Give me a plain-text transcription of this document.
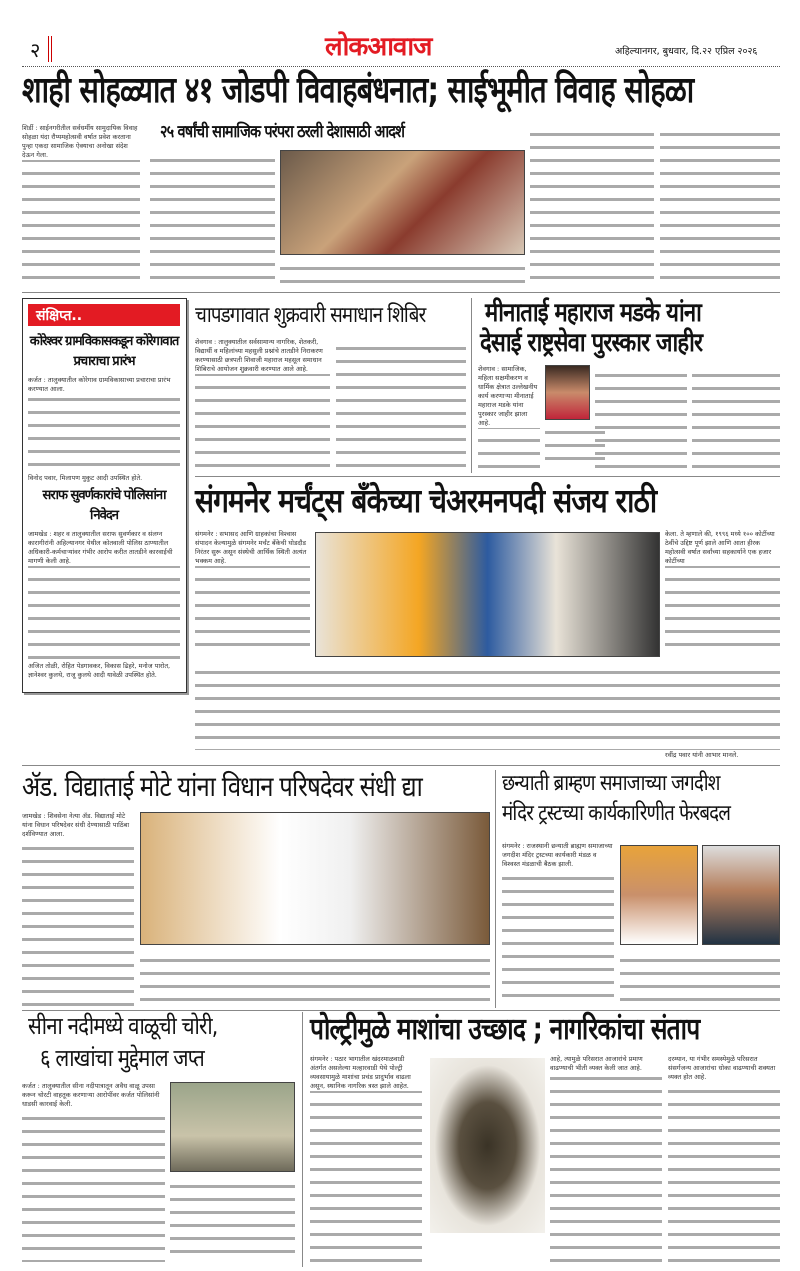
२	लोकआवाज	अहिल्यानगर, बुधवार, दि.२२ एप्रिल २०२६
शाही सोहळ्यात ४१ जोडपी विवाहबंधनात; साईभूमीत विवाह सोहळा
शिर्डी : साईनगरीतील सर्वधर्मीय सामुदायिक विवाह सोहळा यंदा रौप्यमहोत्सवी वर्षात प्रवेश करताना पुन्हा एकदा सामाजिक ऐक्याचा अनोखा संदेश देऊन गेला.
२५ वर्षांची सामाजिक परंपरा ठरली देशासाठी आदर्श
संक्षिप्त..
कोरेश्वर ग्रामविकासकडून कोरेगावात प्रचाराचा प्रारंभ
कर्जत : तालुक्यातील कोरेगाव ग्रामविकासाच्या प्रचाराचा प्रारंभ करण्यात आला.
विनोद पवार, मिलापण मुकुट आदी उपस्थित होते.
सराफ सुवर्णकारांचे पोलिसांना निवेदन
जामखेड : शहर व तालुक्यातील सराफ सुवर्णकार व संलग्न कारागीरांनी अहिल्यानगर येथील कोतवाली पोलिस ठाण्यातील अधिकारी-कर्मचाऱ्यांवर गंभीर आरोप करीत तातडीने कारवाईची मागणी केली आहे.
अजित तोळी, रोहित पेडगावकर, विकास ढिहरे, मनोज पारोत, ज्ञानेश्वर कुलथे, राजू कुलथे आदी यावेळी उपस्थित होते.
चापडगावात शुक्रवारी समाधान शिबिर
शेवगाव : तालुक्यातील सर्वसामान्य नागरिक, शेतकरी, विद्यार्थी व महिलांच्या महसुली प्रश्नांचे तातडीने निराकरण करण्यासाठी छत्रपती शिवाजी महाराज महसूल समाधान शिबिराचे आयोजन शुक्रवारी करण्यात आले आहे.
मीनाताई महाराज मडके यांना
देसाई राष्ट्रसेवा पुरस्कार जाहीर
शेवगाव : सामाजिक, महिला सक्षमीकरण व धार्मिक क्षेत्रात उल्लेखनीय कार्य करणाऱ्या मीनाताई महाराज मडके यांना पुरस्कार जाहीर झाला आहे.
संगमनेर मर्चंट्स बँकेच्या चेअरमनपदी संजय राठी
संगमनेर : सभासद आणि ग्राहकांचा विश्वास संपादन केल्यामुळे संगमनेर मर्चंट बँकेची घोडदौड निरंतर सुरू असून संस्थेची आर्थिक स्थिती अत्यंत भक्कम आहे.
केला. ते म्हणाले की, १९९६ मध्ये १०० कोटींच्या ठेवींचे उद्दिष्ट पूर्ण झाले आणि आता हीरक महोत्सवी वर्षात सर्वांच्या सहकार्याने एक हजार कोटींच्या
रवींद्र पवार यांनी आभार मानले.
ॲड. विद्याताई मोटे यांना विधान परिषदेवर संधी द्या
जामखेड : शिवसेना नेत्या ॲड. विद्याताई मोटे यांना विधान परिषदेवर संधी देण्यासाठी पाठिंबा दर्शविण्यात आला.
छन्याती ब्राम्हण समाजाच्या जगदीश
मंदिर ट्रस्टच्या कार्यकारिणीत फेरबदल
संगमनेर : राजस्थानी छन्याती ब्राह्मण समाजाच्या जगदीश मंदिर ट्रस्टच्या कार्यकारी मंडळ व विश्वस्त मंडळाची बैठक झाली.
सीना नदीमध्ये वाळूची चोरी,
६ लाखांचा मुद्देमाल जप्त
कर्जत : तालुक्यातील सीना नदीपात्रातून अवैध वाळू उपसा करून चोरटी वाहतूक करणाऱ्या आरोपींवर कर्जत पोलिसांनी धाडसी कारवाई केली.
पोल्ट्रीमुळे माशांचा उच्छाद ; नागरिकांचा संताप
संगमनेर : पठार भागातील खंदरमाळवाडी अंतर्गत असलेल्या मल्हारवाडी येथे पोल्ट्री व्यवसायामुळे माशांचा प्रचंड प्रादुर्भाव वाढला असून, स्थानिक नागरिक त्रस्त झाले आहेत.
आहे, त्यामुळे परिसरात आजारांचे प्रमाण वाढण्याची भीती व्यक्त केली जात आहे.
दरम्यान, या गंभीर समस्येमुळे परिसरात संसर्गजन्य आजारांचा धोका वाढण्याची शक्यता व्यक्त होत आहे.
